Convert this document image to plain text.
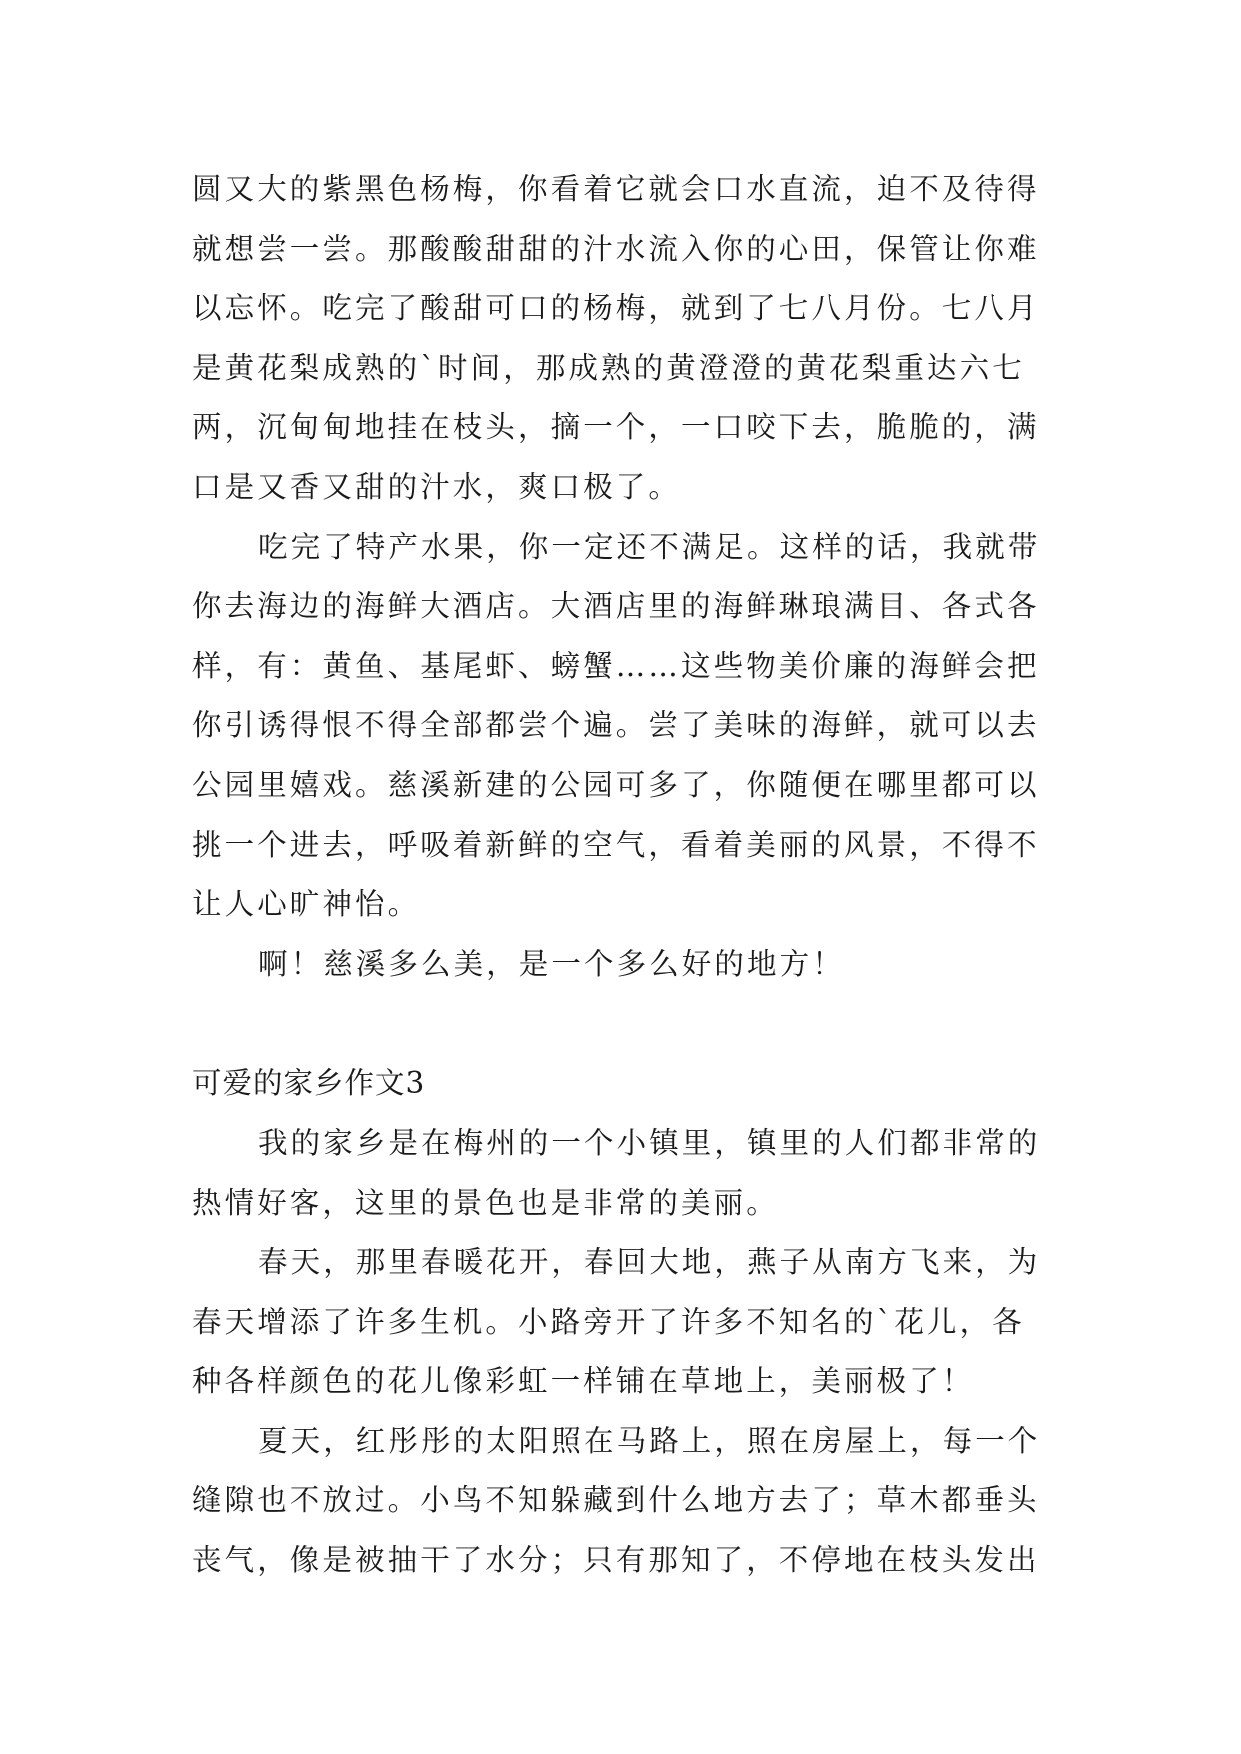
圆又大的紫黑色杨梅，你看着它就会口水直流，迫不及待得
就想尝一尝。那酸酸甜甜的汁水流入你的心田，保管让你难
以忘怀。吃完了酸甜可口的杨梅，就到了七八月份。七八月
是黄花梨成熟的`时间，那成熟的黄澄澄的黄花梨重达六七
两，沉甸甸地挂在枝头，摘一个，一口咬下去，脆脆的，满
口是又香又甜的汁水，爽口极了。
吃完了特产水果，你一定还不满足。这样的话，我就带
你去海边的海鲜大酒店。大酒店里的海鲜琳琅满目、各式各
样，有：黄鱼、基尾虾、螃蟹……这些物美价廉的海鲜会把
你引诱得恨不得全部都尝个遍。尝了美味的海鲜，就可以去
公园里嬉戏。慈溪新建的公园可多了，你随便在哪里都可以
挑一个进去，呼吸着新鲜的空气，看着美丽的风景，不得不
让人心旷神怡。
啊！慈溪多么美，是一个多么好的地方！
可爱的家乡作文3
我的家乡是在梅州的一个小镇里，镇里的人们都非常的
热情好客，这里的景色也是非常的美丽。
春天，那里春暖花开，春回大地，燕子从南方飞来，为
春天增添了许多生机。小路旁开了许多不知名的`花儿，各
种各样颜色的花儿像彩虹一样铺在草地上，美丽极了！
夏天，红彤彤的太阳照在马路上，照在房屋上，每一个
缝隙也不放过。小鸟不知躲藏到什么地方去了；草木都垂头
丧气，像是被抽干了水分；只有那知了，不停地在枝头发出
